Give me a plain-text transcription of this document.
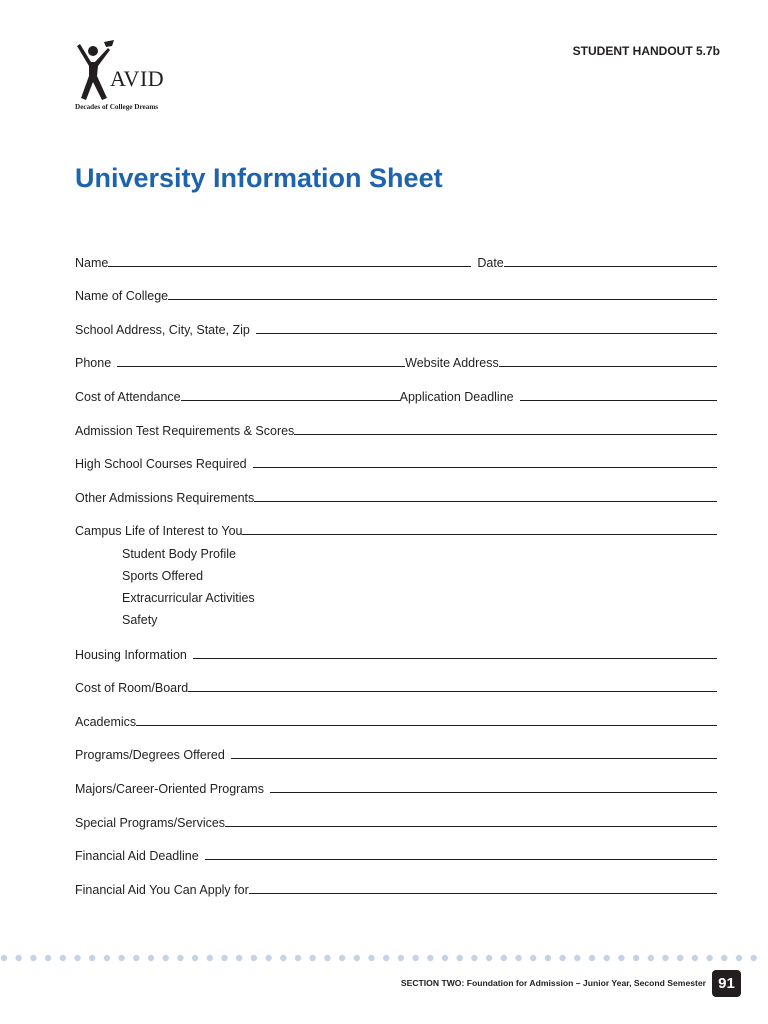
AVID
Decades of College Dreams
STUDENT HANDOUT 5.7b
University Information Sheet
Name	Date
Name of College
School Address, City, State, Zip
Phone	Website Address
Cost of Attendance	Application Deadline
Admission Test Requirements & Scores
High School Courses Required
Other Admissions Requirements
Campus Life of Interest to You
Student Body Profile
Sports Offered
Extracurricular Activities
Safety
Housing Information
Cost of Room/Board
Academics
Programs/Degrees Offered
Majors/Career-Oriented Programs
Special Programs/Services
Financial Aid Deadline
Financial Aid You Can Apply for
SECTION TWO: Foundation for Admission – Junior Year, Second Semester 91
